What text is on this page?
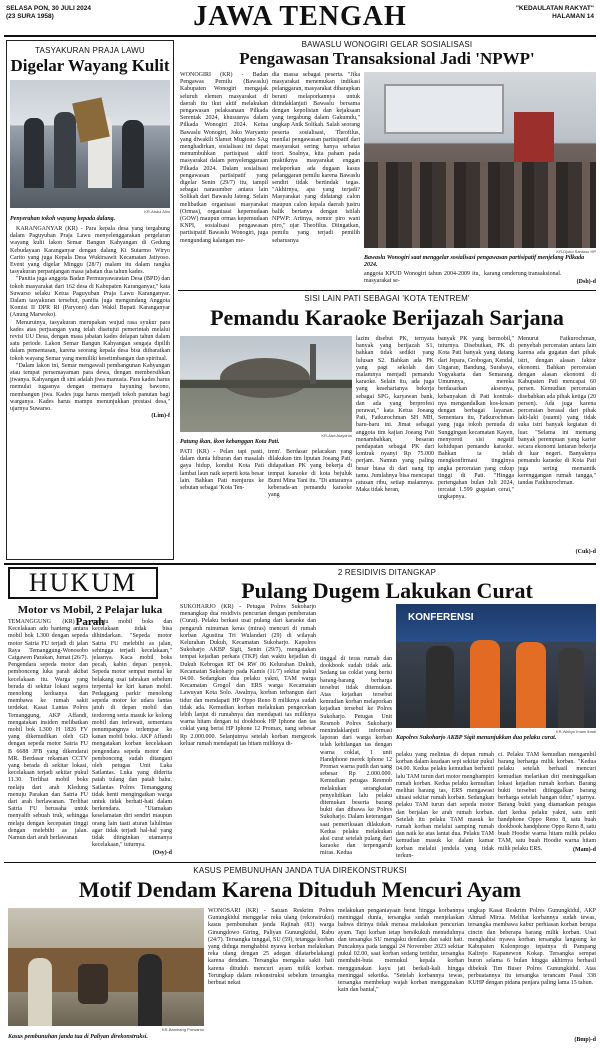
SELASA PON, 30 JULI 2024
(23 SURA 1958)	JAWA TENGAH	"KEDAULATAN RAKYAT"
HALAMAN 14
TASYAKURAN PRAJA LAWU
Digelar Wayang Kulit
KR-Abdul Alim
Penyerahan tokoh wayang kepada dalang.

KARANGANYAR (KR) - Para kepala desa yang tergabung dalam Paguyuban Praja Lawu menyelenggarakan pergelaran wayang kulit lakon Semar Bangun Kahyangan di Gedung Kebudayaan Karanganyar dengan dalang Ki Sutarmo Wiryo Carito yang juga Kepala Desa Wukirsawit Kecamatan Jatiyoso. Event yang digelar Minggu (28/7) malam itu dalam rangka tasyakuran perpanjangan masa jabatan dua tahun kades.

"Panitia juga anggota Badan Permusyawaratan Desa (BPD) dan tokoh masyarakat dari 162 desa di Kabupaten Karanganyar," kata Suwarso selaku Ketua Paguyuban Praja Lawu Karanganyar. Dalam tasyakuran tersebut, panitia juga mengundang Anggota Komisi II DPR RI (Paryono) dan Wakil Bupati Karanganyar (Anung Marwoko).

Menurutnya, tasyakuran merupakan wujud rasa syukur para kades atas perjuangan yang telah disetujui pemerintah melalui revisi UU Desa, dengan masa jabatan kades delapan tahun dalam satu periode. Lakon Semar Bangun Kahyangan sengaja dipilih dalam pementasan, karena seorang kepala desa bisa diibaratkan tokoh wayang Semar yang memiliki kesetimbangan dan spiritual.

"Dalam lakon ini, Semar mengawali pembangunan Kahyangan atau tempat persemayaman para dewa, dengan membersihkan jiwanya. Kahyangan di sini adalah jiwa manusia. Para kades harus memulai tugasnya dengan memayu hayuning bawono, membangun jiwa. Kades juga harus menjadi tokoh panutan bagi warganya. Kades harus mampu menunjukkan prestasi desa," ujarnya Suwarso.

(Lim)-f

BAWASLU WONOGIRI GELAR SOSIALISASI
Pengawasan Transaksional Jadi 'NPWP'
WONOGIRI (KR) - Badan Pengawas Pemilu (Bawaslu) Kabupaten Wonogiri mengajak seluruh elemen masyarakat di daerah itu ikut aktif melakukan pengawasan pelaksanaan Pilkada Serentak 2024, khususnya dalam Pilkada Wonogiri 2024. Ketua Bawaslu Wonogiri, Joko Waryanto yang diwakili Slamet Mugiono SAg menghadirkan, sosialisasi ini dapat menumbuhkan partisipasi aktif masyarakat dalam penyelenggaraan Pilkada 2024. Dalam sosialisasi pengawasan partisipatif yang digelar Senin (29/7) itu, tampil sebagai narasumber antara lain Solikah dari Bawaslu Jateng. Selain melibatkan organisasi masyarakat (Ormas), organisasi kepemudaan (GOW) maupun ormas kepemudaan KNPI, sosialisasi pengawasan partisipatif Bawaslu Wonogiri, juga mengundang kalangan me-
dia massa sebagai peserta. "Jika masyarakat menemukan indikasi pelanggaran, masyarakat diharapkan berani melaporkannya untuk ditindaklanjuti Bawaslu bersama dengan kepolisian dan kejaksaan yang tergabung dalam Gakumdu," ungkap Anik Solikah. Salah seorang peserta sosialisasi, Theofilus, menilai pengawasan partisipatif dari masyarakat sering hanya sebatas teori. Soalnya, kita paham pada praktiknya masyarakat enggan melaporkan ada dugaan kasus pelanggaran pemilu karena Bawaslu sendiri tidak bertindak tegas. "Akhirnya, apa yang terjadi? Masyarakat yang didatangi calon maupun calon kepala daerah justru balik bertanya dengan istilah NPWP: Artinya, nomor piro wani piro," ujar Theofilus. Diingatkan, pemilu yang terjadi pemilih seharusnya
KR-Djoko Santoso HP
Bawaslu Wonogiri saat menggelar sosialisasi pengawasan partisipatif menjelang Pilkada 2024.
anggota KPUD Wonogiri tahun 2004-2009 itu, masyarakat se-
karang cenderung transaksional.
(Dsh)-d
SISI LAIN PATI SEBAGAI 'KOTA TENTREM'
Pemandu Karaoke Berijazah Sarjana
KR-Alwi Alaydrus
Patung ikan, ikon kebanggan Kota Pati.
PATI (KR) - Pelan tapi pasti, dalam dunia hiburan dan masalah gaya hidup, kondisi Kota Pati lambat laun naik seperti kota besar lain. Bahkan Pati menjurus ke sebutan sebagai 'Kota Ten-
trem'. Berdasar pelacakan yang dilakukan tim liputan Joeang Pati, didapatkan PK yang bekerja di tempat karaoke di kota bejuluk Bumi Mina Tani itu. "Di antaranya keberada-an pemandu karaoke yang
lazim disebut PK, ternyata banyak yang berijazah S1, bahkan tidak sedikit yang lulusan S2. Bahkan ada PK yang pagi sekolah dan malamnya menjadi pemandu karaoke. Selain itu, ada juga yang keseharianya bekerja sebagai SPG, karyawan bank, dan ada yang berprofesi perawat," kata Ketua Joeang Pati, Fatkurochman SH MH, baru-baru ini. Jimat sebagai anggota tim kajian Joeang Pati menambahkan, besaran pendapatan sebagai PK dari kontrak nyanyi Rp 75.000 perjam. Namun yang paling besar biasa di dari uang tip tamu. Jumlahnya bisa mencapai ratusan ribu, setiap malamnya. Maka tidak heran,
banyak PK yang bermobil," tuturnya. Disebutkan, PK di Kota Pati banyak yang datang dari Jepara, Grobogan, Kendal, Ungaran, Bandung, Surabaya, Yogyakarta dan Semarang. Umumnya, mereka berdasarkan aksesnya, kebanyakan di Pati kontrak-nya mengandalkan kos-kosan dengan berbagai layanan. Sementara itu, Fatkurochman yang juga tokoh pemuda di Sunggingan kecamatan Kayen, menyoroti sisi negatif kehidupan pemandu karaoke. Bahkan ia telah mengkonfirmasi tingginya angka perceraian yang cukup tinggi di Pati. "Hingga pertengahan bulan Juli 2024, tercatat 1.599 gugatan cerai," ungkapnya.
Menurut Fatkurochman, penyebab perceraian antara lain karena ada gugatan dari pihak istri, dengan alasan faktor ekonomi. Bahkan perceraian dengan alasan ekonomi di Kabupaten Pati mencapai 60 persen. Kemudian perceraian disebabkan ada pihak ketiga (20 persen). Ada juga karena perceraian berasal dari pihak laki-laki (suami) yang tidak suka istri banyak kegiatan di luar. "Selama ini memang banyak perempuan yang karier secara ekonomi lantaran bekerja di luar negeri. Banyaknya pemandu karaoke di Kota Pati juga sering memantik kerenggangan rumah tangga," tandas Fatkhurochman.
(Cuk)-d
HUKUM	2 RESIDIVIS DITANGKAP
Pulang Dugem Lakukan Curat
Motor vs Mobil, 2 Pelajar luka Parah
TEMANGGUNG (KR) - Kecelakaan adu banteng antara mobil bok L300 dengan sepeda motor Satria FU terjadi di jalan Raya Temanggung-Wonosobo Catgawen Parakan, Jumat (26/7). Pengendara sepeda motor dan pembonceng luka parah akibat kecelakaan itu. Warga yang berada di sekitar lokasi segera menolong keduanya dan membawa ke rumah sakit terdekat. Kasat Lantas Polres Temanggung, AKP Affandi, mengatakan insiden melibatkan mobil bok L300 H 1826 FV yang dikemudikan oleh GD dengan sepeda motor Satria FU B 6688 JFB yang dikendarai MR. Berdasar rekaman CCTV yang berada di sekitar lokasi, kecelakaan terjadi sekitar pukul 11.30. Terlihat mobil boks melaju dari arah Kledung menuju Parakan dan Satria FU dari arah berlawanan. Terlihat Satria FU berusaha untuk menyalib sebuah truk, sehingga melaju dengan kecepatan tinggi dengan melebihi as jalan. Namun dari arah berlawanan
melaju mobil boks dan kecelakaan tidak bisa dihindarkan. "Sepeda motor Satria FU melebihi as jalan, sehingga terjadi kecelakaan," jelasnya. Kaca mobil boks pecah, kabin depan penyok. Sepeda motor sempat mental ke belakang usai tabrakan sebelum terpental ke kiri kanan mobil. Pedaggang parkir menolong sepeda motor ke udara lantas jatuh di depan mobil dan terdorong serta masuk ke kolong mobil dan terlewati, sementara penumpangnya terlempar ke kanan mobil boks. AKP Affandi mengatakan korban kecelakaan pengendara sepeda motor dan pembonceng sudah ditangani oleh petugas Unit Laka Satlantas. Luka yang diderita patah tulang dan patah bahu. Satlantas Polres Temanggung tidak henti mengingatkan warga untuk tidak berhati-hati dalam berkendara. "Utamakan keselamatan diri sendiri maupun orang lain taati aturan lalulintas agar tidak terjadi hal-hal yang tidak diinginkan utamanya kecelakaan," tuturnya.
(Osy)-d
SUKOHARJO (KR) - Petugas Polres Sukoharjo menangkap dua residivis pencurian dengan pemberatan (Curat). Pelaku berkasi usai pulang dari karaoke dan pengaruh minuman keras (miras) mencuri di rumah korban Agustina Tri Wulandari (29) di wilayah Kelurahan Dukuh, Kecamatan Sukoharjo. Kapolres Sukoharjo AKBP Sigit, Senin (29/7), mengatakan tempat kejadian perkara (TKP) dan waktu kejadian di Dukuh Kebrogan RT 04 RW 06 Kelurahan Dukuh, Kecamatan Sukoharjo pada Kamis (11/7) sekitar pukul 04.00. Sedangkan dua pelaku yakni, TAM warga Kecamatan Grogol dan ERS warga Kecamatan Lawuyan Kota Solo. Awalnya, korban terbangun dari tidur dan mendapati HP Oppo Reno 8 miliknya sudah tidak ada. Kemudian korban melakukan pengecekan lebih lanjut di rumahnya dan mendapati tas miliknya warna hitam dengan isi dookbook HP Iphone dan tas coklat yang berisi HP Iphone 12 Promax, uang sebesar Rp 2.000.000. Selanjutnya setelah korban mengecek keluar rumah mendapati tas hitam miliknya di-
tinggal di teras rumah dan dookbook sudah tidak ada. Sedang tas coklat yang berisi barang-barang berharga tersebut tidak ditemukan. Atas kejadian tersebut kemudian korban melaporkan kejadian tersebut ke Polres Sukoharjo. Petugas Unit Resmob Polres Sukoharjo menindaklanjuti informasi laporan dari warga korban telah kehilangan tas dengan warna coklat, 1 unit Handphone merek Iphone 12 Promax warna putih dan uang sebesar Rp 2.000.000. Kemudian petugas Resmob melakukan serangkaian penyelidikan lalu pelaku ditemukan beserta barang bukti dan dibawa ke Polres Sukoharjo. Dalam keterangan saat pemeriksaan dilakukan, Kedua pelaku melakukan aksi curat setelah pulang dari karaoke dan terpengaruh miras. Kedua
KONFERENSI
KR-Wahyu Imam Ibadi
Kapolres Sukoharjo AKBP Sigit menunjukkan dua pelaku curat.
pelaku yang melintas di depan rumah korban dalam keadaan sepi sekitar pukul 04.00. Kedua pelaku kemudian berhenti lalu TAM turun dari motor menghampiri rumah korban. Kedua pelaku kemudian melihat barang tas, ERS mengawasi situasi sekitar rumah korban. Sedangkan pelaku TAM turun dari sepeda motor dan berjalan ke arah rumah korban. Setelah itu pelaku TAM masuk ke rumah korban melalui samping rumah dan naik ke atas lantai dua. Pelaku TAM kemudian masuk ke dalam kamar korban melalui jendela yang tidak terkun-
ci. Pelaku TAM kemudian mengambil barang berharga milik korban. "Kedua pelaku setelah berhasil mencuri kemudian melarikan diri meninggalkan lokasi kejadian rumah korban. Barang bukti tersebut ditinggalkan barang berharga setelah hangan tidur," ujarnya. Barang bukti yang diamankan petugas dari kedua pelaku yakni, satu unit handphone Oppo Reno 8, satu buah dookbook handphone Oppo Reno 8, satu buah Hoodie warna hitam milik pelaku TAM, satu buah Hoodie warna hitam milik pelaku ERS.	(Mam)-d
KASUS PEMBUNUHAN JANDA TUA DIREKONSTRUKSI
Motif Dendam Karena Dituduh Mencuri Ayam
KR-Bambang Purwanto
Kasus pembunuhan janda tua di Paliyan direkonstruksi.
WONOSARI (KR) - Satuan Reskrim Polres Gunungkidul menggelar reka ulang (rekonstruksi) kasus pembunuhan janda Rajinah (83) warga Ginungdowo Giring, Paliyan Gunungkidul, Rabu (24/7). Tersangka tunggal, SU (59), tetangga korban yang diduga menghabisi nyawa korban melakukan reka ulang dengan 25 adegan dilatarbelakangi karena dendam. Tersangka mengaku sakit hati karena dituduh mencuri ayam milik korban. Terungkap dalam rekonstruksi sebelum tersangka berbuat nekat
melakukan penganiayaan berat hingga korbannya meninggal dunia, tersangka sudah menjelaskan bahwa dirinya tidak merasa melakukan pencurian ayam. Tapi korban tetap bersikukuh menuduhnya dan tersangka SU mengaku dendam dan sakit hati. Puncaknya pada tanggal 24 November 2023 sekitar pukul 02.00, saat korban sedang tertidur, tersangka membabi-buta memukul kepala korban menggunakan kayu jati berkali-kali hingga meninggal seketika. "Setelah korbannya tewas, tersangka membekap wajah korban menggunakan kain dan bantal,"
ungkap Kasat Reskrim Polres Gunungkidul, AKP Ahmad Mirza. Melihat korbannya sudah tewas, tersangka membawa kabur perhiasan korban berupa cincin dan beberapa barang milik korban. Usai menghabisi nyawa korban tersangka langsung ke Kabupaten Kulonprogo tepatnya di Pampang Kalirejo Kapanewon Kokap. Tersangka sempat buron selama 6 bulan hingga akhirnya berhasil dibekuk Tim Buser Polres Gunungkidul. Atas perbuatannya itu tersangka terancam Pasal 338 KUHP dengan pidana penjara paling lama 15 tahun.
(Bmp)-d
